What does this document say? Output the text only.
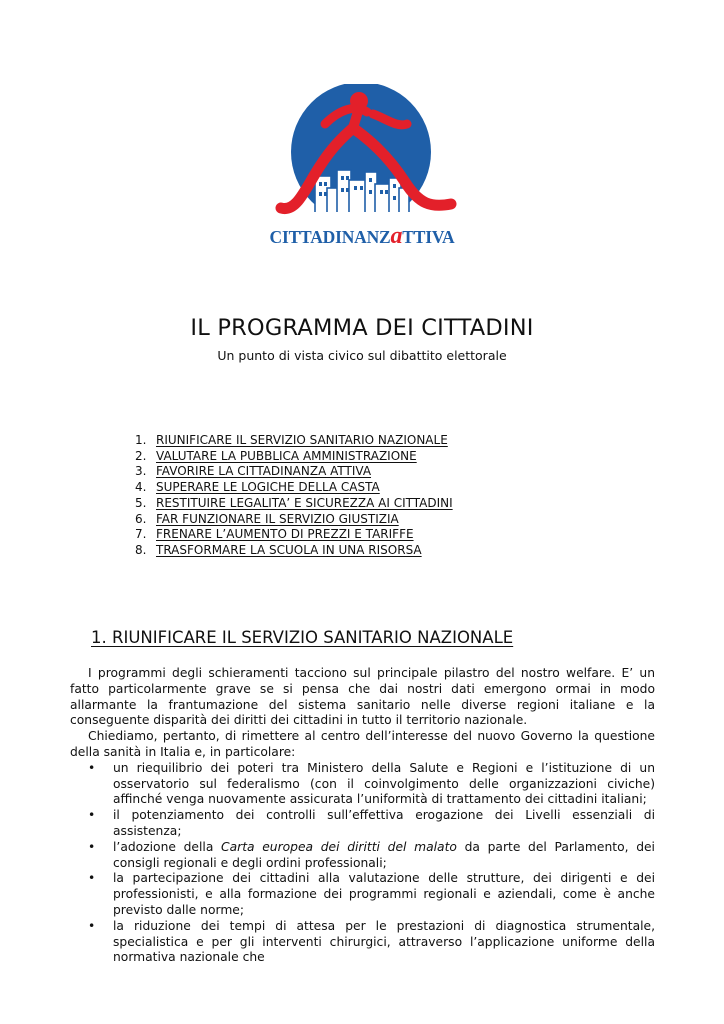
CITTADINANZaTTIVA
IL PROGRAMMA DEI CITTADINI
Un punto di vista civico sul dibattito elettorale
1. RIUNIFICARE IL SERVIZIO SANITARIO NAZIONALE
2. VALUTARE LA PUBBLICA AMMINISTRAZIONE
3. FAVORIRE LA CITTADINANZA ATTIVA
4. SUPERARE LE LOGICHE DELLA CASTA
5. RESTITUIRE LEGALITA’ E SICUREZZA AI CITTADINI
6. FAR FUNZIONARE IL SERVIZIO GIUSTIZIA
7. FRENARE L’AUMENTO DI PREZZI E TARIFFE
8. TRASFORMARE LA SCUOLA IN UNA RISORSA
1. RIUNIFICARE IL SERVIZIO SANITARIO NAZIONALE

I programmi degli schieramenti tacciono sul principale pilastro del nostro welfare. E’ un fatto particolarmente grave se si pensa che dai nostri dati emergono ormai in modo allarmante la frantumazione del sistema sanitario nelle diverse regioni italiane e la conseguente disparità dei diritti dei cittadini in tutto il territorio nazionale.

Chiediamo, pertanto, di rimettere al centro dell’interesse del nuovo Governo la questione della sanità in Italia e, in particolare:

• un riequilibrio dei poteri tra Ministero della Salute e Regioni e l’istituzione di un osservatorio sul federalismo (con il coinvolgimento delle organizzazioni civiche) affinché venga nuovamente assicurata l’uniformità di trattamento dei cittadini italiani;
• il potenziamento dei controlli sull’effettiva erogazione dei Livelli essenziali di assistenza;
• l’adozione della Carta europea dei diritti del malato da parte del Parlamento, dei consigli regionali e degli ordini professionali;
• la partecipazione dei cittadini alla valutazione delle strutture, dei dirigenti e dei professionisti, e alla formazione dei programmi regionali e aziendali, come è anche previsto dalle norme;
• la riduzione dei tempi di attesa per le prestazioni di diagnostica strumentale, specialistica e per gli interventi chirurgici, attraverso l’applicazione uniforme della normativa nazionale che
